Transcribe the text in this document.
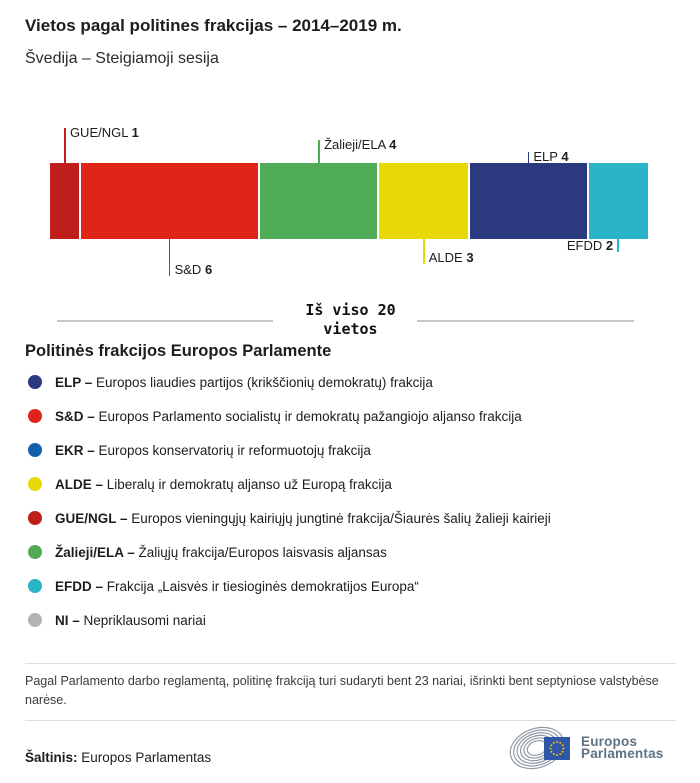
Vietos pagal politines frakcijas – 2014–2019 m.
Švedija – Steigiamoji sesija
GUE/NGL 1
S&D 6
Žalieji/ELA 4
ALDE 3
ELP 4
EFDD 2
Iš viso 20
vietos
Politinės frakcijos Europos Parlamente
ELP – Europos liaudies partijos (krikščionių demokratų) frakcija
S&D – Europos Parlamento socialistų ir demokratų pažangiojo aljanso frakcija
EKR – Europos konservatorių ir reformuotojų frakcija
ALDE – Liberalų ir demokratų aljanso už Europą frakcija
GUE/NGL – Europos vieningųjų kairiųjų jungtinė frakcija/Šiaurės šalių žalieji kairieji
Žalieji/ELA – Žaliųjų frakcija/Europos laisvasis aljansas
EFDD – Frakcija „Laisvės ir tiesioginės demokratijos Europa“
NI – Nepriklausomi nariai

Pagal Parlamento darbo reglamentą, politinę frakciją turi sudaryti bent 23 nariai, išrinkti bent septyniose valstybėse narėse.

Šaltinis: Europos Parlamentas
Europos
Parlamentas
